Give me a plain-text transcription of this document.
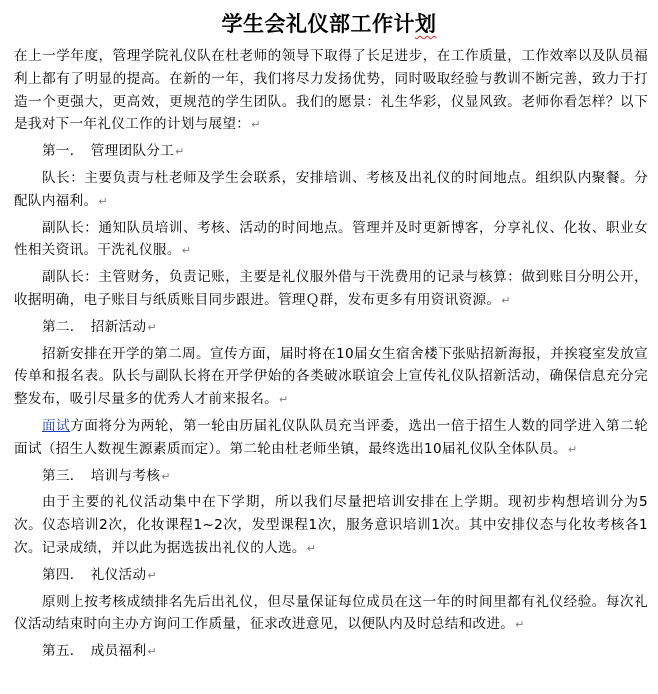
学生会礼仪部工作计划

在上一学年度，管理学院礼仪队在杜老师的领导下取得了长足进步，在工作质量，工作效率以及队员福利上都有了明显的提高。在新的一年，我们将尽力发扬优势，同时吸取经验与教训不断完善，致力于打造一个更强大，更高效，更规范的学生团队。我们的愿景：礼生华彩，仪显风致。老师你看怎样？以下是我对下一年礼仪工作的计划与展望：↵

第一．　管理团队分工↵

队长：主要负责与杜老师及学生会联系，安排培训、考核及出礼仪的时间地点。组织队内聚餐。分配队内福利。↵

副队长：通知队员培训、考核、活动的时间地点。管理并及时更新博客，分享礼仪、化妆、职业女性相关资讯。干洗礼仪服。↵

副队长：主管财务，负责记账，主要是礼仪服外借与干洗费用的记录与核算：做到账目分明公开，收据明确，电子账目与纸质账目同步跟进。管理Ｑ群，发布更多有用资讯资源。↵

第二．　招新活动↵

招新安排在开学的第二周。宣传方面，届时将在10届女生宿舍楼下张贴招新海报，并挨寝室发放宣传单和报名表。队长与副队长将在开学伊始的各类破冰联谊会上宣传礼仪队招新活动，确保信息充分完整发布，吸引尽量多的优秀人才前来报名。↵

面试方面将分为两轮，第一轮由历届礼仪队队员充当评委，选出一倍于招生人数的同学进入第二轮面试（招生人数视生源素质而定）。第二轮由杜老师坐镇，最终选出10届礼仪队全体队员。↵

第三．　培训与考核↵

由于主要的礼仪活动集中在下学期，所以我们尽量把培训安排在上学期。现初步构想培训分为5次。仪态培训2次，化妆课程1~2次，发型课程1次，服务意识培训1次。其中安排仪态与化妆考核各1次。记录成绩，并以此为据选拔出礼仪的人选。↵

第四．　礼仪活动↵

原则上按考核成绩排名先后出礼仪，但尽量保证每位成员在这一年的时间里都有礼仪经验。每次礼仪活动结束时向主办方询问工作质量，征求改进意见，以便队内及时总结和改进。↵

第五．　成员福利↵
